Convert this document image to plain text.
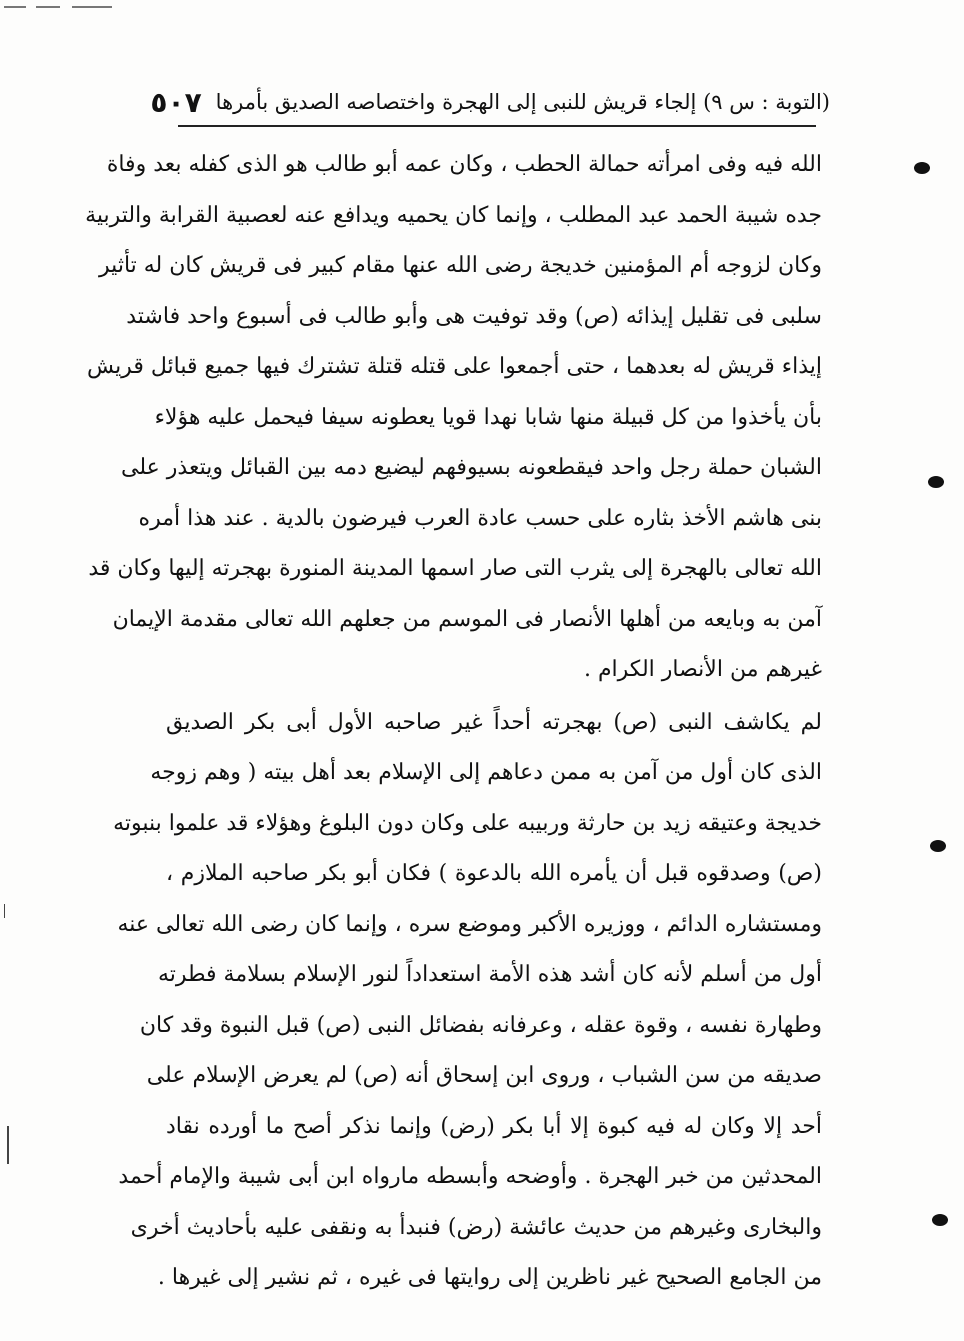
(التوبة : س ٩) إلجاء قريش للنبى إلى الهجرة واختصاصه الصديق بأمرها
٥٠٧
الله فيه وفى امرأته حمالة الحطب ، وكان عمه أبو طالب هو الذى كفله بعد وفاة
جده شيبة الحمد عبد المطلب ، وإنما كان يحميه ويدافع عنه لعصبية القرابة والتربية
وكان لزوجه أم المؤمنين خديجة رضى الله عنها مقام كبير فى قريش كان له تأثير
سلبى فى تقليل إيذائه (ص) وقد توفيت هى وأبو طالب فى أسبوع واحد فاشتد
إيذاء قريش له بعدهما ، حتى أجمعوا على قتله قتلة تشترك فيها جميع قبائل قريش
بأن يأخذوا من كل قبيلة منها شابا نهدا قويا يعطونه سيفا فيحمل عليه هؤلاء
الشبان حملة رجل واحد فيقطعونه بسيوفهم ليضيع دمه بين القبائل ويتعذر على
بنى هاشم الأخذ بثاره على حسب عادة العرب فيرضون بالدية . عند هذا أمره
الله تعالى بالهجرة إلى يثرب التى صار اسمها المدينة المنورة بهجرته إليها وكان قد
آمن به وبايعه من أهلها الأنصار فى الموسم من جعلهم الله تعالى مقدمة الإيمان
غيرهم من الأنصار الكرام .
لم يكاشف النبى (ص) بهجرته أحداً غير صاحبه الأول أبى بكر الصديق
الذى كان أول من آمن به ممن دعاهم إلى الإسلام بعد أهل بيته ( وهم زوجه
خديجة وعتيقه زيد بن حارثة وربيبه على وكان دون البلوغ وهؤلاء قد علموا بنبوته
(ص) وصدقوه قبل أن يأمره الله بالدعوة ) فكان أبو بكر صاحبه الملازم ،
ومستشاره الدائم ، ووزيره الأكبر وموضع سره ، وإنما كان رضى الله تعالى عنه
أول من أسلم لأنه كان أشد هذه الأمة استعداداً لنور الإسلام بسلامة فطرته
وطهارة نفسه ، وقوة عقله ، وعرفانه بفضائل النبى (ص) قبل النبوة وقد كان
صديقه من سن الشباب ، وروى ابن إسحاق أنه (ص) لم يعرض الإسلام على
أحد إلا وكان له فيه كبوة إلا أبا بكر (رض) وإنما نذكر أصح ما أورده نقاد
المحدثين من خبر الهجرة . وأوضحه وأبسطه مارواه ابن أبى شيبة والإمام أحمد
والبخارى وغيرهم من حديث عائشة (رض) فنبدأ به ونقفى عليه بأحاديث أخرى
من الجامع الصحيح غير ناظرين إلى روايتها فى غيره ، ثم نشير إلى غيرها .
